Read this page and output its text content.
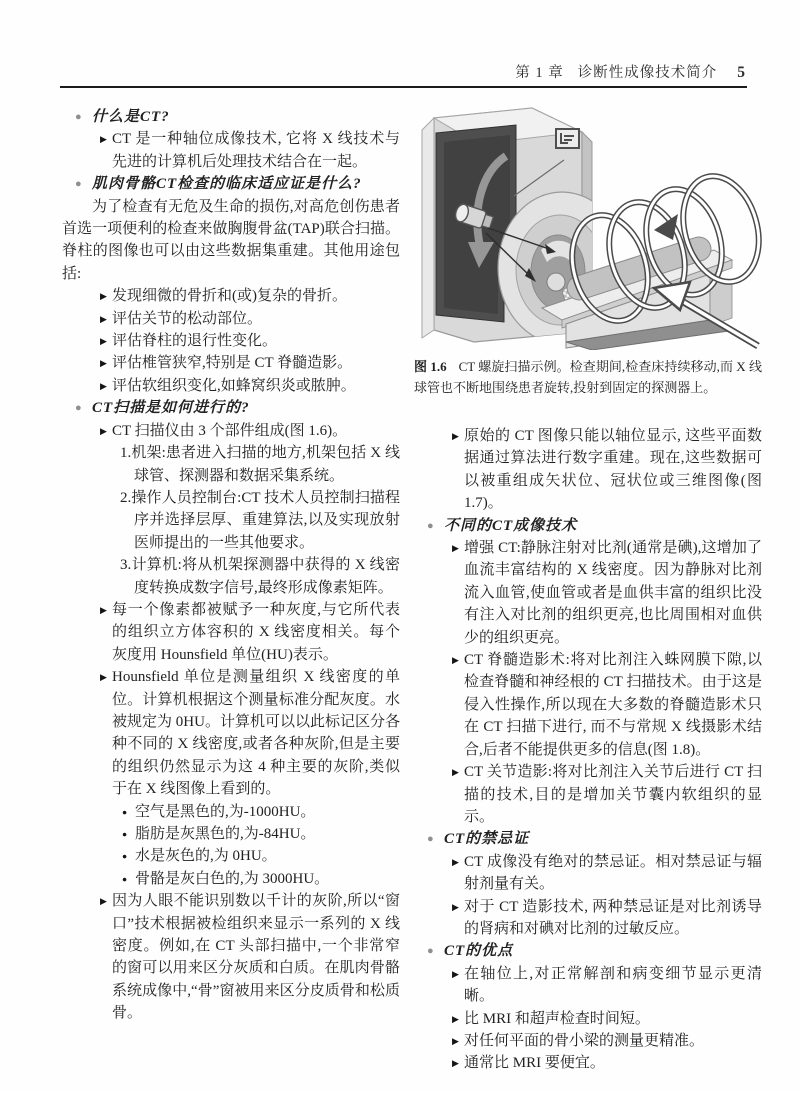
第 1 章 诊断性成像技术简介 5
● 什么是CT?
▶ CT 是一种轴位成像技术, 它将 X 线技术与先进的计算机后处理技术结合在一起。
● 肌肉骨骼CT检查的临床适应证是什么?
为了检查有无危及生命的损伤,对高危创伤患者首选一项便利的检查来做胸腹骨盆(TAP)联合扫描。脊柱的图像也可以由这些数据集重建。其他用途包括:
▶ 发现细微的骨折和(或)复杂的骨折。
▶ 评估关节的松动部位。
▶ 评估脊柱的退行性变化。
▶ 评估椎管狭窄,特别是 CT 脊髓造影。
▶ 评估软组织变化,如蜂窝织炎或脓肿。
● CT扫描是如何进行的?
▶ CT 扫描仪由 3 个部件组成(图 1.6)。
1.机架:患者进入扫描的地方,机架包括 X 线球管、探测器和数据采集系统。
2.操作人员控制台:CT 技术人员控制扫描程序并选择层厚、重建算法,以及实现放射医师提出的一些其他要求。
3.计算机:将从机架探测器中获得的 X 线密度转换成数字信号,最终形成像素矩阵。
▶ 每一个像素都被赋予一种灰度,与它所代表的组织立方体容积的 X 线密度相关。每个灰度用 Hounsfield 单位(HU)表示。
▶ Hounsfield 单位是测量组织 X 线密度的单位。计算机根据这个测量标准分配灰度。水被规定为 0HU。计算机可以以此标记区分各种不同的 X 线密度,或者各种灰阶,但是主要的组织仍然显示为这 4 种主要的灰阶,类似于在 X 线图像上看到的。
● 空气是黑色的,为-1000HU。
● 脂肪是灰黑色的,为-84HU。
● 水是灰色的,为 0HU。
● 骨骼是灰白色的,为 3000HU。
▶ 因为人眼不能识别数以千计的灰阶,所以“窗口”技术根据被检组织来显示一系列的 X 线密度。例如,在 CT 头部扫描中,一个非常窄的窗可以用来区分灰质和白质。在肌肉骨骼系统成像中,“骨”窗被用来区分皮质骨和松质骨。
图 1.6 CT 螺旋扫描示例。检查期间,检查床持续移动,而 X 线球管也不断地围绕患者旋转,投射到固定的探测器上。
▶ 原始的 CT 图像只能以轴位显示, 这些平面数据通过算法进行数字重建。现在,这些数据可以被重组成矢状位、冠状位或三维图像(图 1.7)。
● 不同的CT成像技术
▶ 增强 CT:静脉注射对比剂(通常是碘),这增加了血流丰富结构的 X 线密度。因为静脉对比剂流入血管,使血管或者是血供丰富的组织比没有注入对比剂的组织更亮,也比周围相对血供少的组织更亮。
▶ CT 脊髓造影术:将对比剂注入蛛网膜下隙,以检查脊髓和神经根的 CT 扫描技术。由于这是侵入性操作,所以现在大多数的脊髓造影术只在 CT 扫描下进行, 而不与常规 X 线摄影术结合,后者不能提供更多的信息(图 1.8)。
▶ CT 关节造影:将对比剂注入关节后进行 CT 扫描的技术,目的是增加关节囊内软组织的显示。
● CT的禁忌证
▶ CT 成像没有绝对的禁忌证。相对禁忌证与辐射剂量有关。
▶ 对于 CT 造影技术, 两种禁忌证是对比剂诱导的肾病和对碘对比剂的过敏反应。
● CT的优点
▶ 在轴位上,对正常解剖和病变细节显示更清晰。
▶ 比 MRI 和超声检查时间短。
▶ 对任何平面的骨小梁的测量更精准。
▶ 通常比 MRI 要便宜。
